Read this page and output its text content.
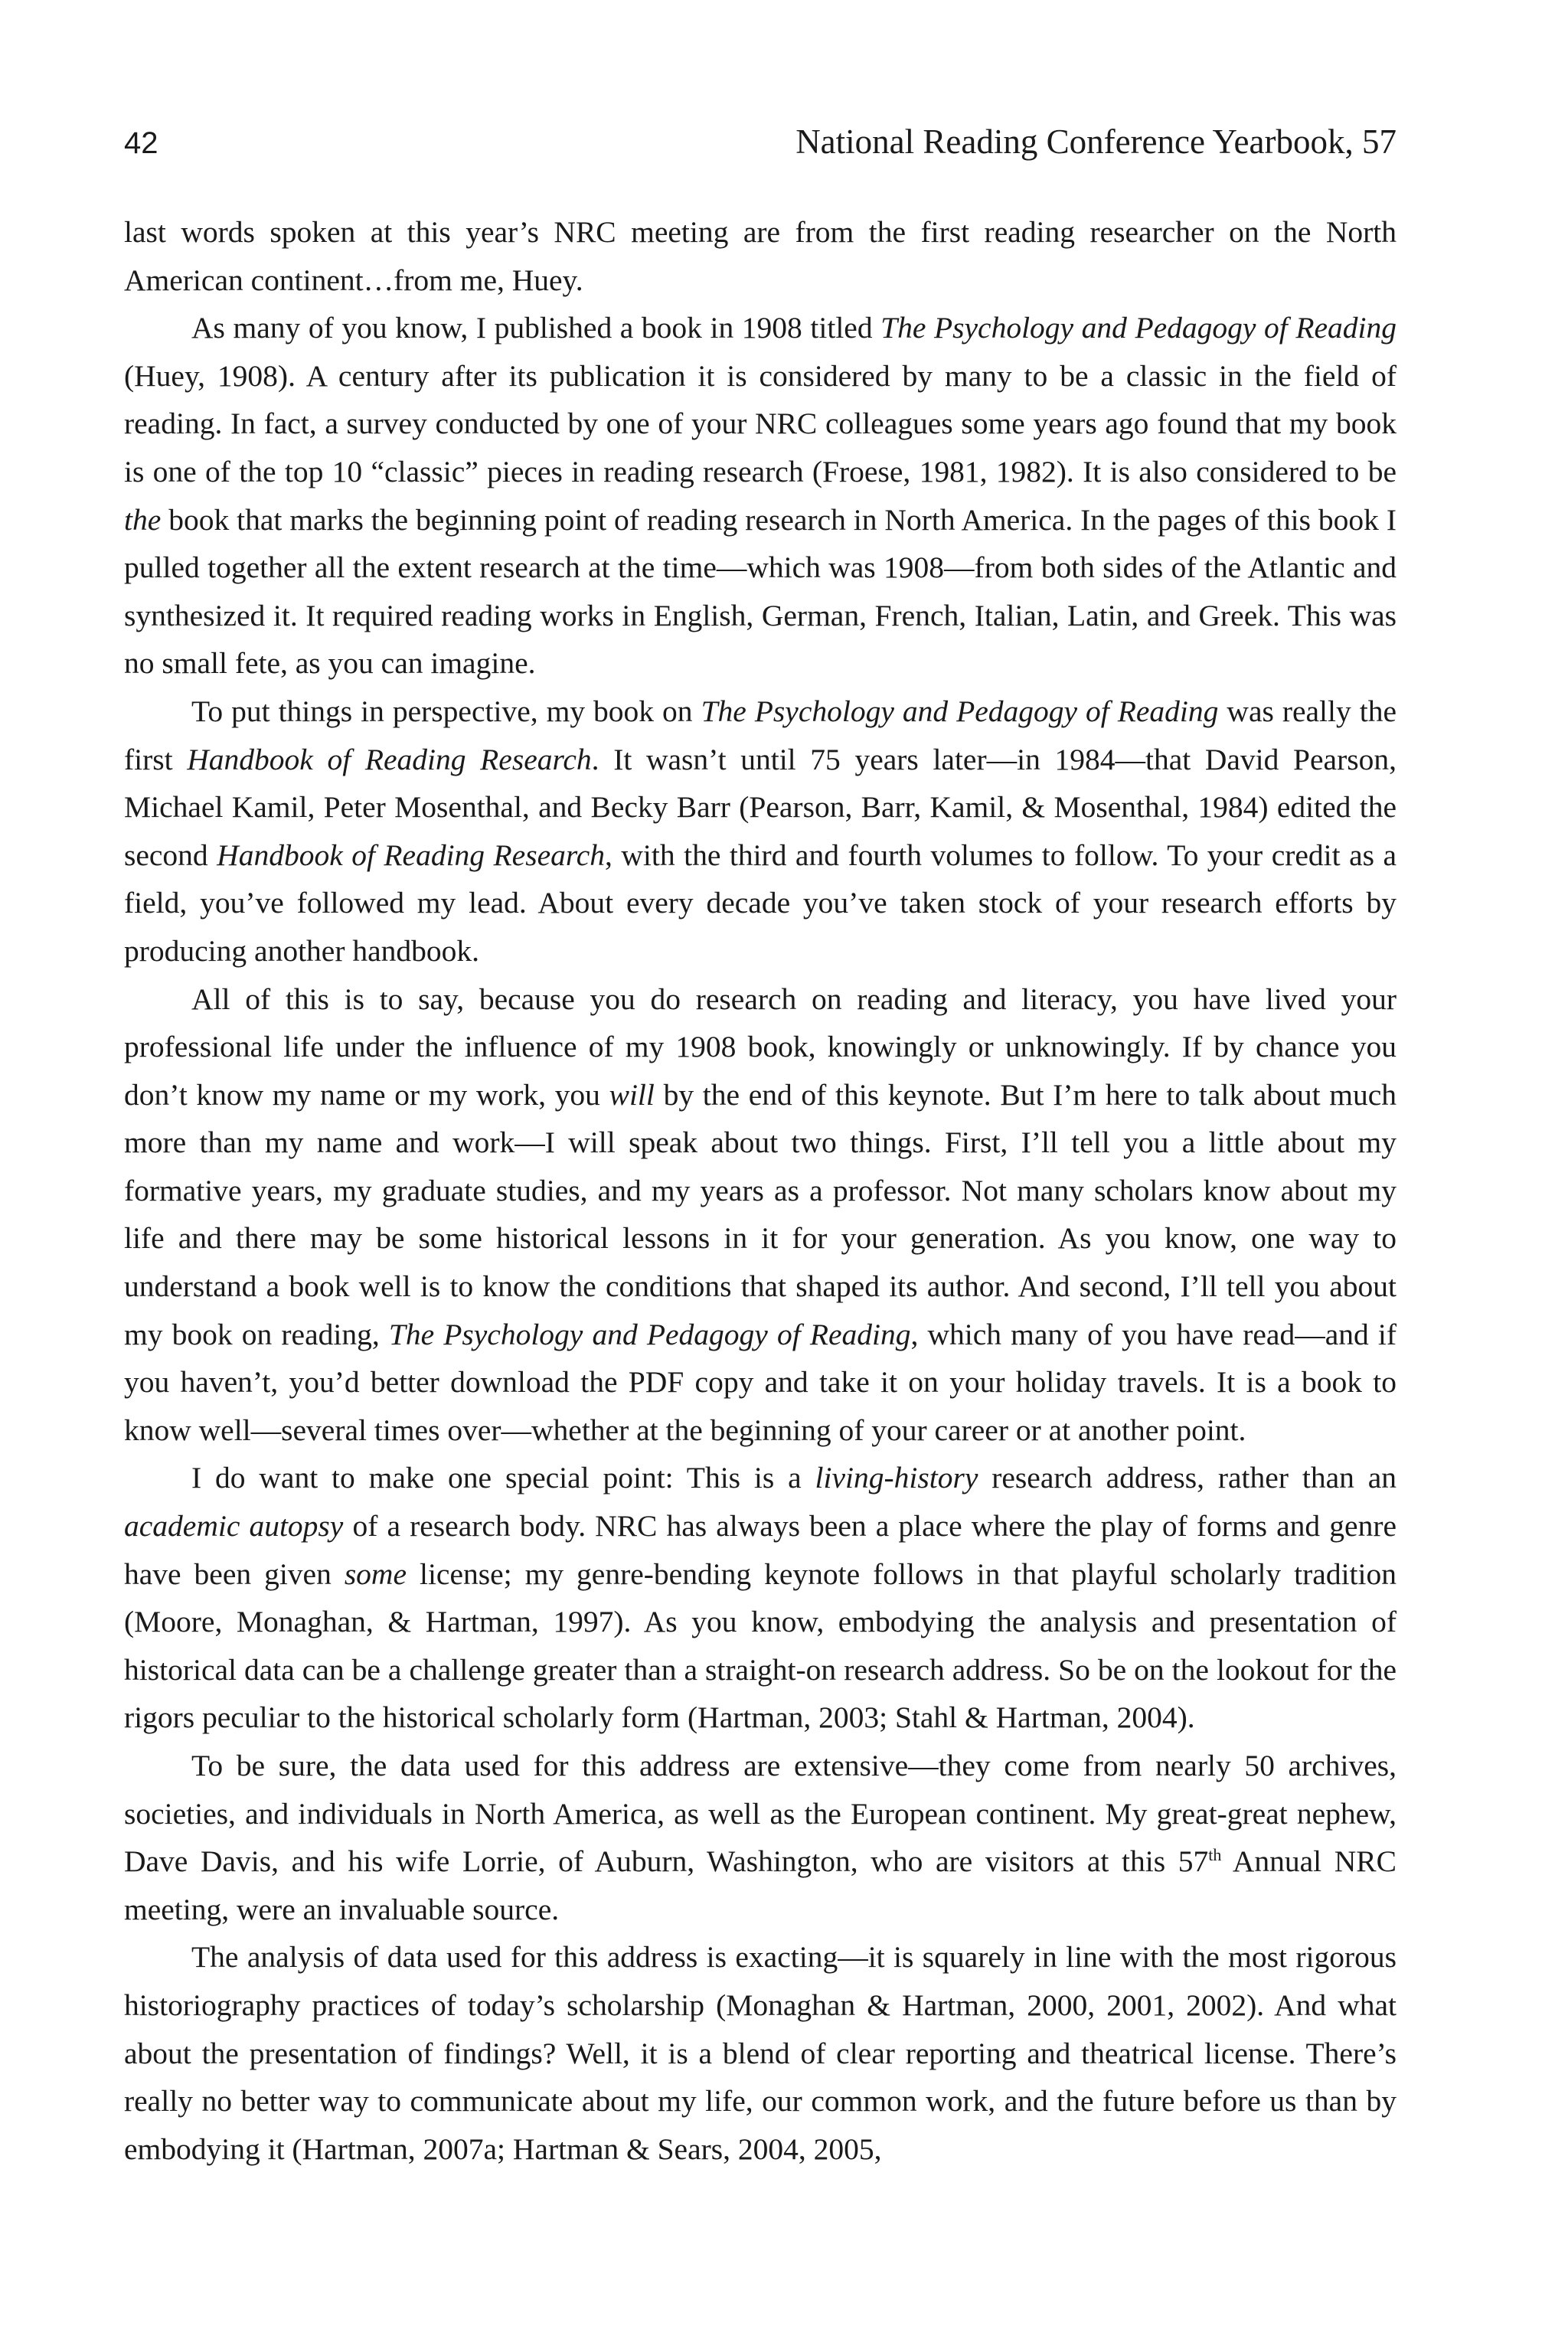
42	National Reading Conference Yearbook, 57

last words spoken at this year’s NRC meeting are from the first reading researcher on the North American continent…from me, Huey.

As many of you know, I published a book in 1908 titled The Psychology and Pedagogy of Reading (Huey, 1908). A century after its publication it is considered by many to be a classic in the field of reading. In fact, a survey conducted by one of your NRC colleagues some years ago found that my book is one of the top 10 “classic” pieces in reading research (Froese, 1981, 1982). It is also considered to be the book that marks the beginning point of reading research in North America. In the pages of this book I pulled together all the extent research at the time—which was 1908—from both sides of the Atlantic and synthesized it. It required reading works in English, German, French, Italian, Latin, and Greek. This was no small fete, as you can imagine.

To put things in perspective, my book on The Psychology and Pedagogy of Reading was really the first Handbook of Reading Research. It wasn’t until 75 years later—in 1984—that David Pearson, Michael Kamil, Peter Mosenthal, and Becky Barr (Pearson, Barr, Kamil, & Mosenthal, 1984) edited the second Handbook of Reading Research, with the third and fourth volumes to follow. To your credit as a field, you’ve followed my lead. About every decade you’ve taken stock of your research efforts by producing another handbook.

All of this is to say, because you do research on reading and literacy, you have lived your professional life under the influence of my 1908 book, knowingly or unknowingly. If by chance you don’t know my name or my work, you will by the end of this keynote. But I’m here to talk about much more than my name and work—I will speak about two things. First, I’ll tell you a little about my formative years, my graduate studies, and my years as a professor. Not many scholars know about my life and there may be some historical lessons in it for your generation. As you know, one way to understand a book well is to know the conditions that shaped its author. And second, I’ll tell you about my book on reading, The Psychology and Pedagogy of Reading, which many of you have read—and if you haven’t, you’d better download the PDF copy and take it on your holiday travels. It is a book to know well—several times over—whether at the beginning of your career or at another point.

I do want to make one special point: This is a living-history research address, rather than an academic autopsy of a research body. NRC has always been a place where the play of forms and genre have been given some license; my genre-bending keynote follows in that playful scholarly tradition (Moore, Monaghan, & Hartman, 1997). As you know, embodying the analysis and presentation of historical data can be a challenge greater than a straight-on research address. So be on the lookout for the rigors peculiar to the historical scholarly form (Hartman, 2003; Stahl & Hartman, 2004).

To be sure, the data used for this address are extensive—they come from nearly 50 archives, societies, and individuals in North America, as well as the European continent. My great-great nephew, Dave Davis, and his wife Lorrie, of Auburn, Washington, who are visitors at this 57th Annual NRC meeting, were an invaluable source.

The analysis of data used for this address is exacting—it is squarely in line with the most rigorous historiography practices of today’s scholarship (Monaghan & Hartman, 2000, 2001, 2002). And what about the presentation of findings? Well, it is a blend of clear reporting and theatrical license. There’s really no better way to communicate about my life, our common work, and the future before us than by embodying it (Hartman, 2007a; Hartman & Sears, 2004, 2005,
